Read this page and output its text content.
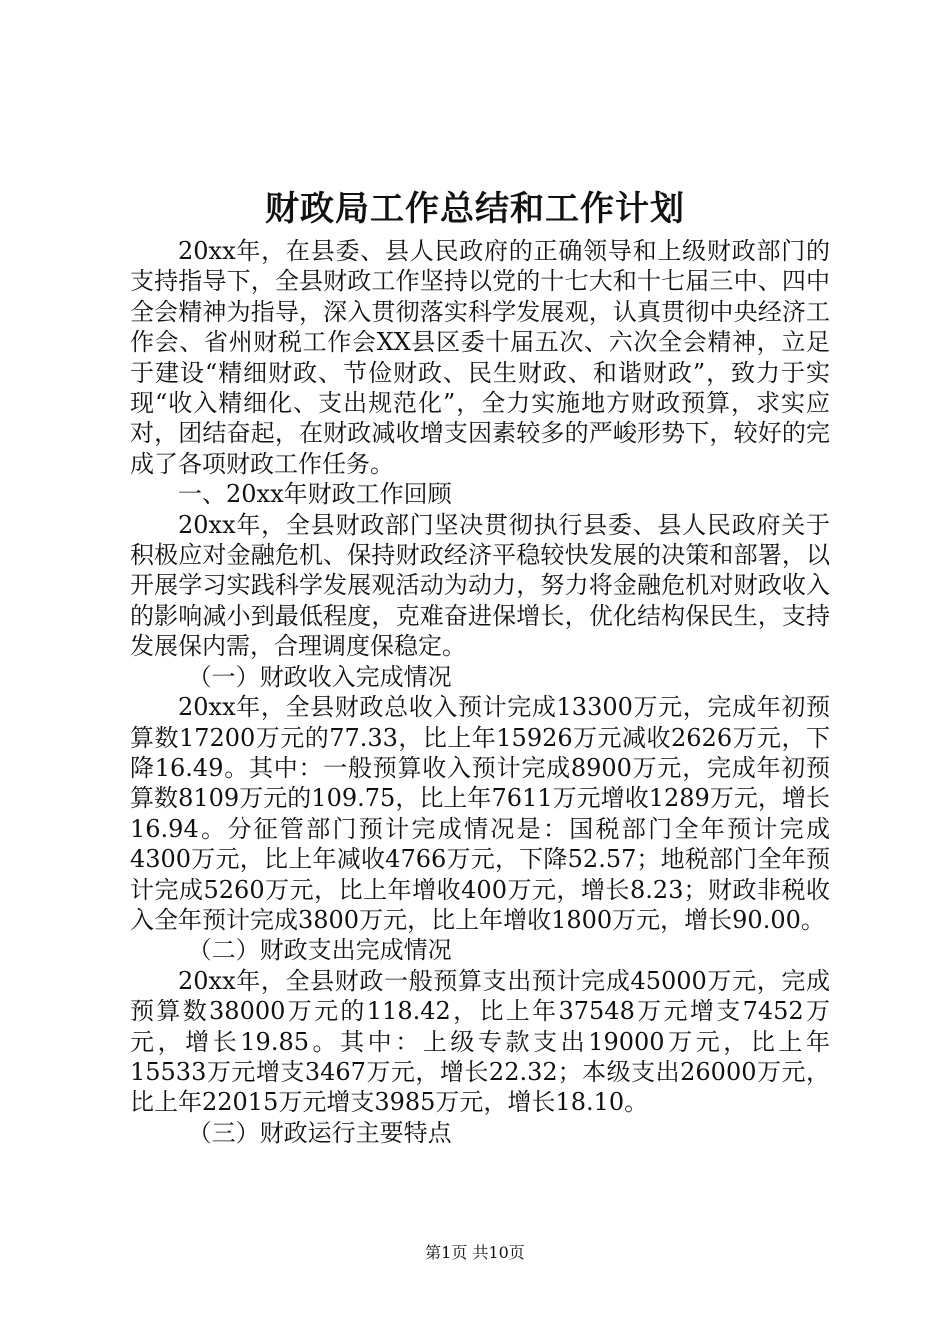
财政局工作总结和工作计划

20xx年，在县委、县人民政府的正确领导和上级财政部门的支持指导下，全县财政工作坚持以党的十七大和十七届三中、四中全会精神为指导，深入贯彻落实科学发展观，认真贯彻中央经济工作会、省州财税工作会XX县区委十届五次、六次全会精神，立足于建设“精细财政、节俭财政、民生财政、和谐财政”，致力于实现“收入精细化、支出规范化”，全力实施地方财政预算，求实应对，团结奋起，在财政减收增支因素较多的严峻形势下，较好的完成了各项财政工作任务。

一、20xx年财政工作回顾

20xx年，全县财政部门坚决贯彻执行县委、县人民政府关于积极应对金融危机、保持财政经济平稳较快发展的决策和部署，以开展学习实践科学发展观活动为动力，努力将金融危机对财政收入的影响减小到最低程度，克难奋进保增长，优化结构保民生，支持发展保内需，合理调度保稳定。

（一）财政收入完成情况

20xx年，全县财政总收入预计完成13300万元，完成年初预算数17200万元的77.33，比上年15926万元减收2626万元，下降16.49。其中：一般预算收入预计完成8900万元，完成年初预算数8109万元的109.75，比上年7611万元增收1289万元，增长16.94。分征管部门预计完成情况是：国税部门全年预计完成4300万元，比上年减收4766万元，下降52.57；地税部门全年预计完成5260万元，比上年增收400万元，增长8.23；财政非税收入全年预计完成3800万元，比上年增收1800万元，增长90.00。

（二）财政支出完成情况

20xx年，全县财政一般预算支出预计完成45000万元，完成预算数38000万元的118.42，比上年37548万元增支7452万元，增长19.85。其中：上级专款支出19000万元，比上年15533万元增支3467万元，增长22.32；本级支出26000万元，比上年22015万元增支3985万元，增长18.10。

（三）财政运行主要特点

第1页 共10页
